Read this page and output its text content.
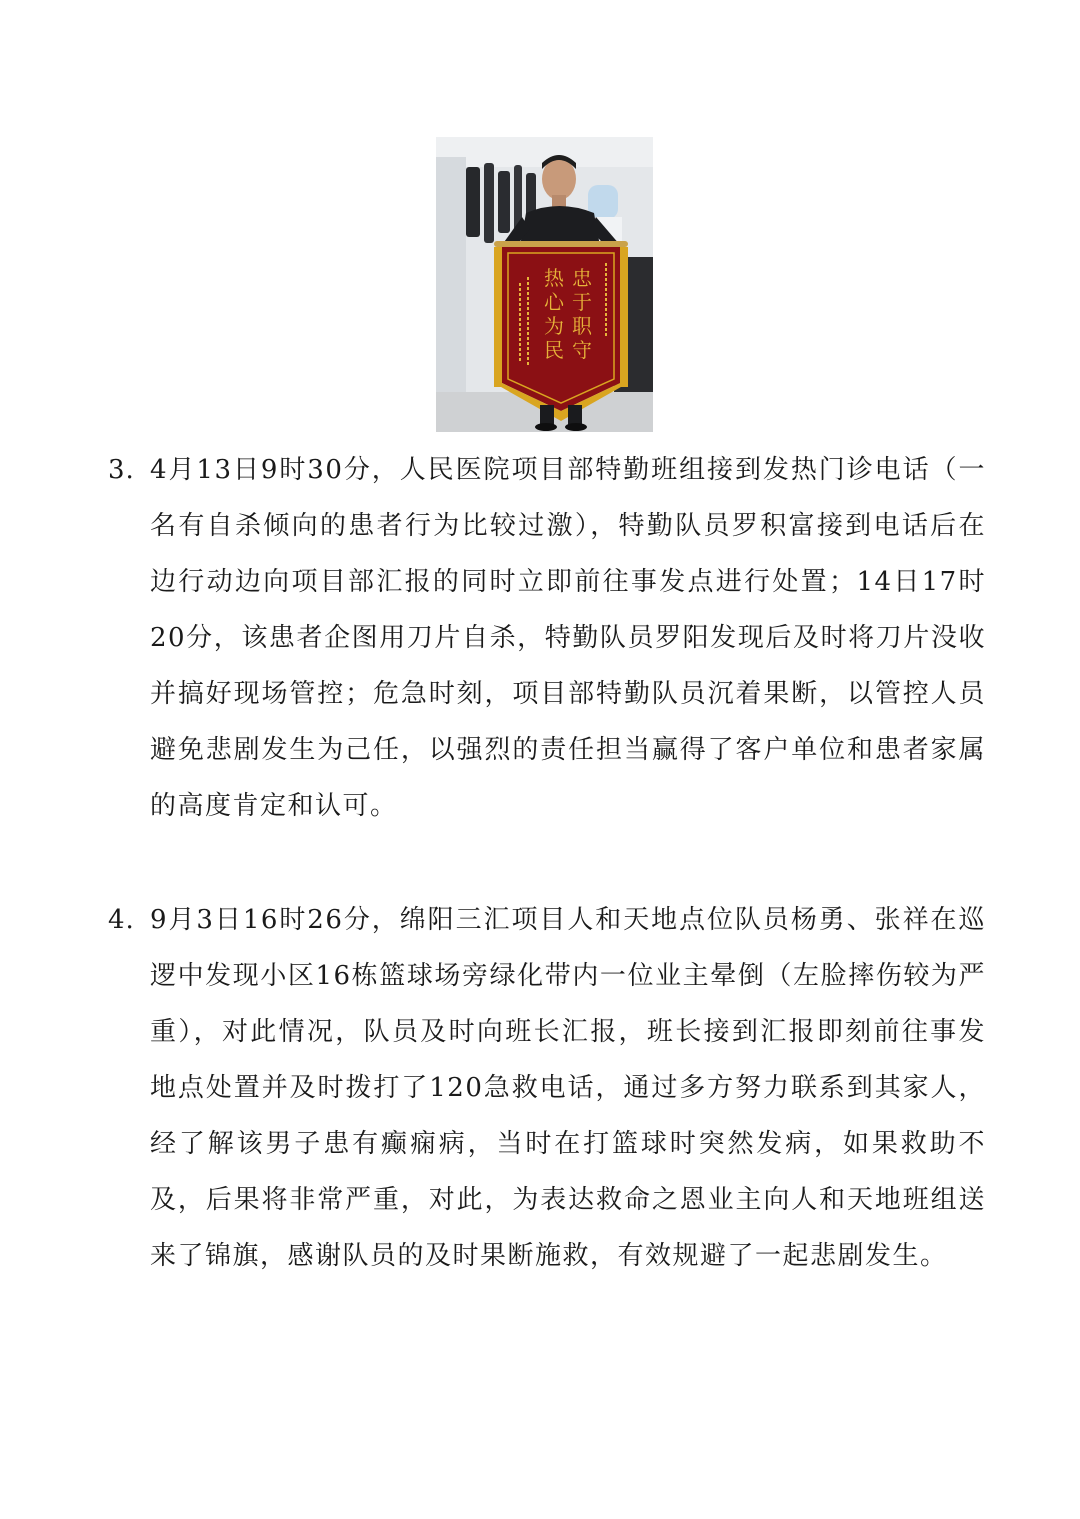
忠
于
职
守
热
心
为
民
3. 4月13日9时30分，人民医院项目部特勤班组接到发热门诊电话（一名有自杀倾向的患者行为比较过激），特勤队员罗积富接到电话后在边行动边向项目部汇报的同时立即前往事发点进行处置；14日17时20分，该患者企图用刀片自杀，特勤队员罗阳发现后及时将刀片没收并搞好现场管控；危急时刻，项目部特勤队员沉着果断，以管控人员避免悲剧发生为己任，以强烈的责任担当赢得了客户单位和患者家属的高度肯定和认可。

4. 9月3日16时26分，绵阳三汇项目人和天地点位队员杨勇、张祥在巡逻中发现小区16栋篮球场旁绿化带内一位业主晕倒（左脸摔伤较为严重），对此情况，队员及时向班长汇报，班长接到汇报即刻前往事发地点处置并及时拨打了120急救电话，通过多方努力联系到其家人，经了解该男子患有癫痫病，当时在打篮球时突然发病，如果救助不及，后果将非常严重，对此，为表达救命之恩业主向人和天地班组送来了锦旗，感谢队员的及时果断施救，有效规避了一起悲剧发生。
